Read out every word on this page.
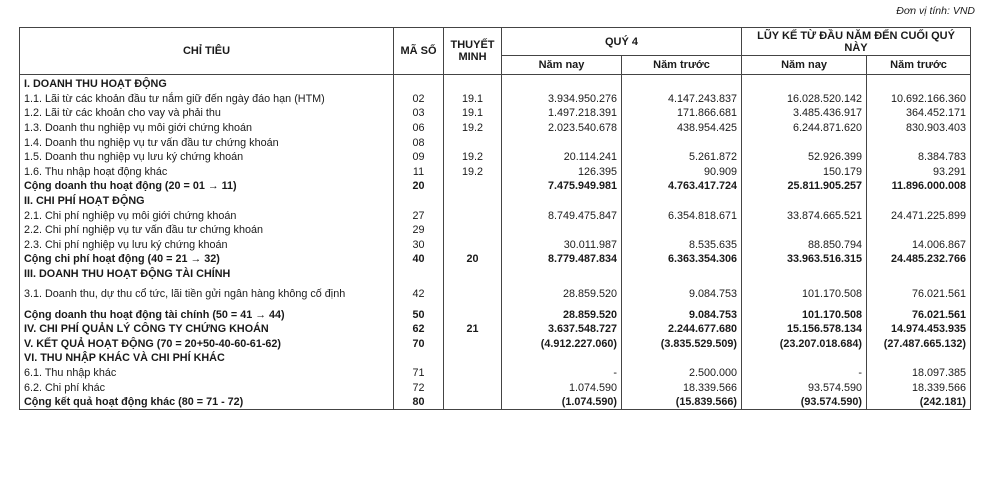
Đơn vị tính: VND
CHỈ TIÊU	MÃ SỐ	THUYẾT MINH	QUÝ 4		LŨY KẾ TỪ ĐẦU NĂM ĐẾN CUỐI QUÝ NÀY	
			Năm nay	Năm trước	Năm nay	Năm trước
I. DOANH THU HOẠT ĐỘNG						
1.1. Lãi từ các khoản đầu tư nắm giữ đến ngày đáo hạn (HTM)	02	19.1	3.934.950.276	4.147.243.837	16.028.520.142	10.692.166.360
1.2. Lãi từ các khoản cho vay và phải thu	03	19.1	1.497.218.391	171.866.681	3.485.436.917	364.452.171
1.3. Doanh thu nghiệp vụ môi giới chứng khoán	06	19.2	2.023.540.678	438.954.425	6.244.871.620	830.903.403
1.4. Doanh thu nghiệp vụ tư vấn đầu tư chứng khoán	08					
1.5. Doanh thu nghiệp vụ lưu ký chứng khoán	09	19.2	20.114.241	5.261.872	52.926.399	8.384.783
1.6. Thu nhập hoạt động khác	11	19.2	126.395	90.909	150.179	93.291
Cộng doanh thu hoạt động (20 = 01 → 11)	20		7.475.949.981	4.763.417.724	25.811.905.257	11.896.000.008
II. CHI PHÍ HOẠT ĐỘNG						
2.1. Chi phí nghiệp vụ môi giới chứng khoán	27		8.749.475.847	6.354.818.671	33.874.665.521	24.471.225.899
2.2. Chi phí nghiệp vụ tư vấn đầu tư chứng khoán	29					
2.3. Chi phí nghiệp vụ lưu ký chứng khoán	30		30.011.987	8.535.635	88.850.794	14.006.867
Cộng chi phí hoạt động (40 = 21 → 32)	40	20	8.779.487.834	6.363.354.306	33.963.516.315	24.485.232.766
III. DOANH THU HOẠT ĐỘNG TÀI CHÍNH						
3.1. Doanh thu, dự thu cổ tức, lãi tiền gửi ngân hàng không cố định	42		28.859.520	9.084.753	101.170.508	76.021.561
Cộng doanh thu hoạt động tài chính (50 = 41 → 44)	50		28.859.520	9.084.753	101.170.508	76.021.561
IV. CHI PHÍ QUẢN LÝ CÔNG TY CHỨNG KHOÁN	62	21	3.637.548.727	2.244.677.680	15.156.578.134	14.974.453.935
V. KẾT QUẢ HOẠT ĐỘNG (70 = 20+50-40-60-61-62)	70		(4.912.227.060)	(3.835.529.509)	(23.207.018.684)	(27.487.665.132)
VI. THU NHẬP KHÁC VÀ CHI PHÍ KHÁC						
6.1. Thu nhập khác	71		-	2.500.000	-	18.097.385
6.2. Chi phí khác	72		1.074.590	18.339.566	93.574.590	18.339.566
Cộng kết quả hoạt động khác (80 = 71 - 72)	80		(1.074.590)	(15.839.566)	(93.574.590)	(242.181)
